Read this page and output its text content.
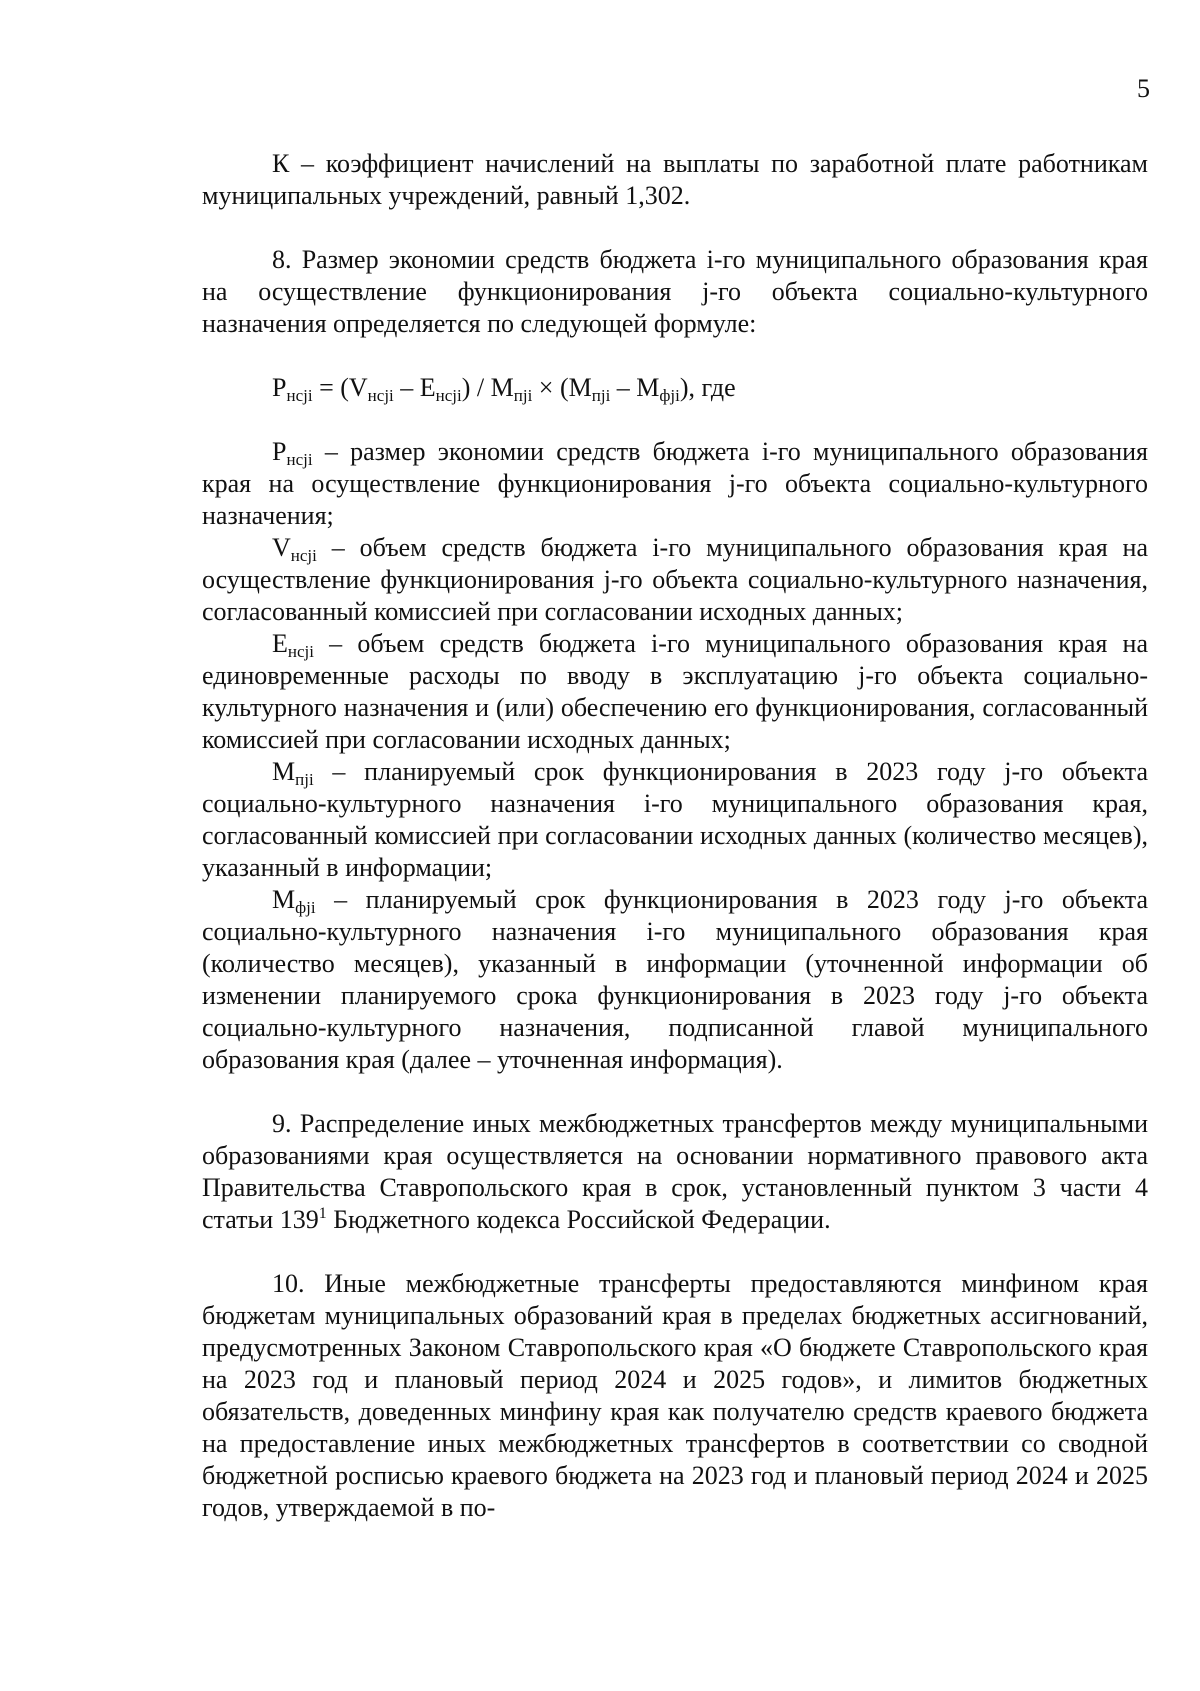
5

К – коэффициент начислений на выплаты по заработной плате работникам муниципальных учреждений, равный 1,302.

8. Размер экономии средств бюджета i-го муниципального образования края на осуществление функционирования j-го объекта социально-культурного назначения определяется по следующей формуле:

$Р_{нсji} = (V_{нсji} - Е_{нсji}) / М_{пji} \times (М_{пji} - М_{фji})$, где

$Р_{нсji}$ – размер экономии средств бюджета i-го муниципального образования края на осуществление функционирования j-го объекта социально-культурного назначения;

$V_{нсji}$ – объем средств бюджета i-го муниципального образования края на осуществление функционирования j-го объекта социально-культурного назначения, согласованный комиссией при согласовании исходных данных;

$Е_{нсji}$ – объем средств бюджета i-го муниципального образования края на единовременные расходы по вводу в эксплуатацию j-го объекта социально-культурного назначения и (или) обеспечению его функционирования, согласованный комиссией при согласовании исходных данных;

$М_{пji}$ – планируемый срок функционирования в 2023 году j-го объекта социально-культурного назначения i-го муниципального образования края, согласованный комиссией при согласовании исходных данных (количество месяцев), указанный в информации;

$М_{фji}$ – планируемый срок функционирования в 2023 году j-го объекта социально-культурного назначения i-го муниципального образования края (количество месяцев), указанный в информации (уточненной информации об изменении планируемого срока функционирования в 2023 году j-го объекта социально-культурного назначения, подписанной главой муниципального образования края (далее – уточненная информация).

9. Распределение иных межбюджетных трансфертов между муниципальными образованиями края осуществляется на основании нормативного правового акта Правительства Ставропольского края в срок, установленный пунктом 3 части 4 статьи $139^1$ Бюджетного кодекса Российской Федерации.

10. Иные межбюджетные трансферты предоставляются минфином края бюджетам муниципальных образований края в пределах бюджетных ассигнований, предусмотренных Законом Ставропольского края «О бюджете Ставропольского края на 2023 год и плановый период 2024 и 2025 годов», и лимитов бюджетных обязательств, доведенных минфину края как получателю средств краевого бюджета на предоставление иных межбюджетных трансфертов в соответствии со сводной бюджетной росписью краевого бюджета на 2023 год и плановый период 2024 и 2025 годов, утверждаемой в по-
